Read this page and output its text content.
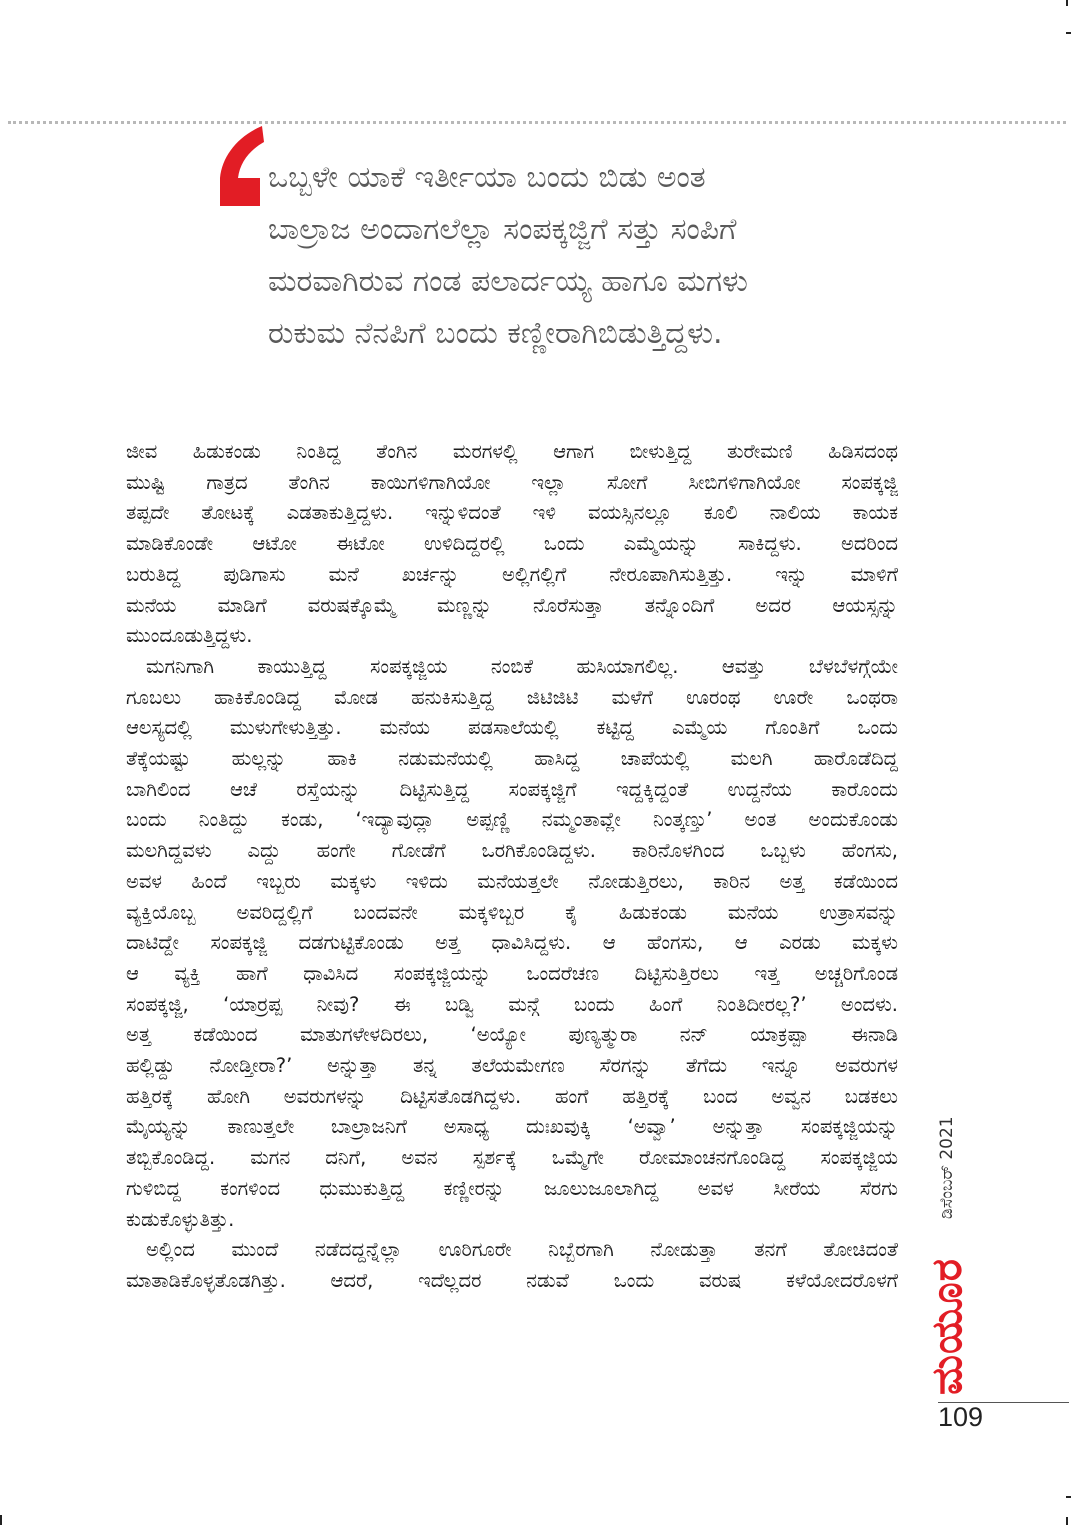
ಒಬ್ಬಳೇ ಯಾಕೆ ಇರ್ತೀಯಾ ಬಂದು ಬಿಡು ಅಂತ
ಬಾಲ್ರಾಜ ಅಂದಾಗಲೆಲ್ಲಾ ಸಂಪಕ್ಕಜ್ಜಿಗೆ ಸತ್ತು ಸಂಪಿಗೆ
ಮರವಾಗಿರುವ ಗಂಡ ಪಲಾರ್ದಯ್ಯ ಹಾಗೂ ಮಗಳು
ರುಕುಮ ನೆನಪಿಗೆ ಬಂದು ಕಣ್ಣೀರಾಗಿಬಿಡುತ್ತಿದ್ದಳು.
ಜೀವ ಹಿಡುಕಂಡು ನಿಂತಿದ್ದ ತೆಂಗಿನ ಮರಗಳಲ್ಲಿ ಆಗಾಗ ಬೀಳುತ್ತಿದ್ದ ತುರೇಮಣಿ ಹಿಡಿಸದಂಥ
ಮುಷ್ಟಿ ಗಾತ್ರದ ತೆಂಗಿನ ಕಾಯಿಗಳಿಗಾಗಿಯೋ ಇಲ್ಲಾ ಸೋಗೆ ಸೀಬಿಗಳಿಗಾಗಿಯೋ ಸಂಪಕ್ಕಜ್ಜಿ
ತಪ್ಪದೇ ತೋಟಕ್ಕೆ ಎಡತಾಕುತ್ತಿದ್ದಳು. ಇನ್ನುಳಿದಂತೆ ಇಳಿ ವಯಸ್ಸಿನಲ್ಲೂ ಕೂಲಿ ನಾಲಿಯ ಕಾಯಕ
ಮಾಡಿಕೊಂಡೇ ಆಟೋ ಈಟೋ ಉಳಿದಿದ್ದರಲ್ಲಿ ಒಂದು ಎಮ್ಮೆಯನ್ನು ಸಾಕಿದ್ದಳು. ಅದರಿಂದ
ಬರುತಿದ್ದ ಪುಡಿಗಾಸು ಮನೆ ಖರ್ಚನ್ನು ಅಲ್ಲಿಗಲ್ಲಿಗೆ ನೇರೂಪಾಗಿಸುತ್ತಿತ್ತು. ಇನ್ನು ಮಾಳಿಗೆ
ಮನೆಯ ಮಾಡಿಗೆ ವರುಷಕ್ಕೊಮ್ಮೆ ಮಣ್ಣನ್ನು ನೊರೆಸುತ್ತಾ ತನ್ನೊಂದಿಗೆ ಅದರ ಆಯಸ್ಸನ್ನು
ಮುಂದೂಡುತ್ತಿದ್ದಳು.
ಮಗನಿಗಾಗಿ ಕಾಯುತ್ತಿದ್ದ ಸಂಪಕ್ಕಜ್ಜಿಯ ನಂಬಿಕೆ ಹುಸಿಯಾಗಲಿಲ್ಲ. ಆವತ್ತು ಬೆಳಬೆಳಗ್ಗೆಯೇ
ಗೂಬಲು ಹಾಕಿಕೊಂಡಿದ್ದ ಮೋಡ ಹನುಕಿಸುತ್ತಿದ್ದ ಜಿಟಿಜಿಟಿ ಮಳೆಗೆ ಊರಂಥ ಊರೇ ಒಂಥರಾ
ಆಲಸ್ಯದಲ್ಲಿ ಮುಳುಗೇಳುತ್ತಿತ್ತು. ಮನೆಯ ಪಡಸಾಲೆಯಲ್ಲಿ ಕಟ್ಟಿದ್ದ ಎಮ್ಮೆಯ ಗೊಂತಿಗೆ ಒಂದು
ತೆಕ್ಕೆಯಷ್ಟು ಹುಲ್ಲನ್ನು ಹಾಕಿ ನಡುಮನೆಯಲ್ಲಿ ಹಾಸಿದ್ದ ಚಾಪೆಯಲ್ಲಿ ಮಲಗಿ ಹಾರೊಡೆದಿದ್ದ
ಬಾಗಿಲಿಂದ ಆಚೆ ರಸ್ತೆಯನ್ನು ದಿಟ್ಟಿಸುತ್ತಿದ್ದ ಸಂಪಕ್ಕಜ್ಜಿಗೆ ಇದ್ದಕ್ಕಿದ್ದಂತೆ ಉದ್ದನೆಯ ಕಾರೊಂದು
ಬಂದು ನಿಂತಿದ್ದು ಕಂಡು, ‘ಇದ್ಯಾವುದ್ಲಾ ಅಪ್ಪಣ್ಣಿ ನಮ್ಮಂತಾವ್ಲೇ ನಿಂತ್ಕಣ್ತು’ ಅಂತ ಅಂದುಕೊಂಡು
ಮಲಗಿದ್ದವಳು ಎದ್ದು ಹಂಗೇ ಗೋಡೆಗೆ ಒರಗಿಕೊಂಡಿದ್ದಳು. ಕಾರಿನೊಳಗಿಂದ ಒಬ್ಬಳು ಹೆಂಗಸು,
ಅವಳ ಹಿಂದೆ ಇಬ್ಬರು ಮಕ್ಕಳು ಇಳಿದು ಮನೆಯತ್ತಲೇ ನೋಡುತ್ತಿರಲು, ಕಾರಿನ ಅತ್ತ ಕಡೆಯಿಂದ
ವ್ಯಕ್ತಿಯೊಬ್ಬ ಅವರಿದ್ದಲ್ಲಿಗೆ ಬಂದವನೇ ಮಕ್ಕಳಿಬ್ಬರ ಕೈ ಹಿಡುಕಂಡು ಮನೆಯ ಉತ್ರಾಸವನ್ನು
ದಾಟಿದ್ದೇ ಸಂಪಕ್ಕಜ್ಜಿ ದಡಗುಟ್ಟಿಕೊಂಡು ಅತ್ತ ಧಾವಿಸಿದ್ದಳು. ಆ ಹೆಂಗಸು, ಆ ಎರಡು ಮಕ್ಕಳು
ಆ ವ್ಯಕ್ತಿ ಹಾಗೆ ಧಾವಿಸಿದ ಸಂಪಕ್ಕಜ್ಜಿಯನ್ನು ಒಂದರೆಚಣ ದಿಟ್ಟಿಸುತ್ತಿರಲು ಇತ್ತ ಅಚ್ಚರಿಗೊಂಡ
ಸಂಪಕ್ಕಜ್ಜಿ, ‘ಯಾರ್ರಪ್ಪ ನೀವು? ಈ ಬಡ್ವಿ ಮನ್ಗೆ ಬಂದು ಹಿಂಗೆ ನಿಂತಿದೀರಲ್ಲ?’ ಅಂದಳು.
ಅತ್ತ ಕಡೆಯಿಂದ ಮಾತುಗಳೇಳದಿರಲು, ‘ಅಯ್ಯೋ ಪುಣ್ಯತ್ಮುರಾ ನನ್ ಯಾಕ್ರಪ್ಪಾ ಈನಾಡಿ
ಹಲ್ಲಿಡ್ದು ನೋಡ್ತೀರಾ?’ ಅನ್ನುತ್ತಾ ತನ್ನ ತಲೆಯಮೇಗಣ ಸೆರಗನ್ನು ತೆಗೆದು ಇನ್ನೂ ಅವರುಗಳ
ಹತ್ತಿರಕ್ಕೆ ಹೋಗಿ ಅವರುಗಳನ್ನು ದಿಟ್ಟಿಸತೊಡಗಿದ್ದಳು. ಹಂಗೆ ಹತ್ತಿರಕ್ಕೆ ಬಂದ ಅವ್ವನ ಬಡಕಲು
ಮೈಯ್ಯನ್ನು ಕಾಣುತ್ತಲೇ ಬಾಲ್ರಾಜನಿಗೆ ಅಸಾಧ್ಯ ದುಃಖವುಕ್ಕಿ ‘ಅವ್ವಾ’ ಅನ್ನುತ್ತಾ ಸಂಪಕ್ಕಜ್ಜಿಯನ್ನು
ತಬ್ಬಿಕೊಂಡಿದ್ದ. ಮಗನ ದನಿಗೆ, ಅವನ ಸ್ಪರ್ಶಕ್ಕೆ ಒಮ್ಮೆಗೇ ರೋಮಾಂಚನಗೊಂಡಿದ್ದ ಸಂಪಕ್ಕಜ್ಜಿಯ
ಗುಳಿಬಿದ್ದ ಕಂಗಳಿಂದ ಧುಮುಕುತ್ತಿದ್ದ ಕಣ್ಣೀರನ್ನು ಜೂಲುಜೂಲಾಗಿದ್ದ ಅವಳ ಸೀರೆಯ ಸೆರಗು
ಕುಡುಕೊಳ್ಳುತಿತ್ತು.
ಅಲ್ಲಿಂದ ಮುಂದೆ ನಡೆದದ್ದನ್ನೆಲ್ಲಾ ಊರಿಗೂರೇ ನಿಬ್ಬೆರಗಾಗಿ ನೋಡುತ್ತಾ ತನಗೆ ತೋಚಿದಂತೆ
ಮಾತಾಡಿಕೊಳ್ಳತೊಡಗಿತ್ತು. ಆದರೆ, ಇದೆಲ್ಲದರ ನಡುವೆ ಒಂದು ವರುಷ ಕಳೆಯೋದರೊಳಗೆ
ಡಿಸೆಂಬರ್ 2021
ಮಯೂರ
109
